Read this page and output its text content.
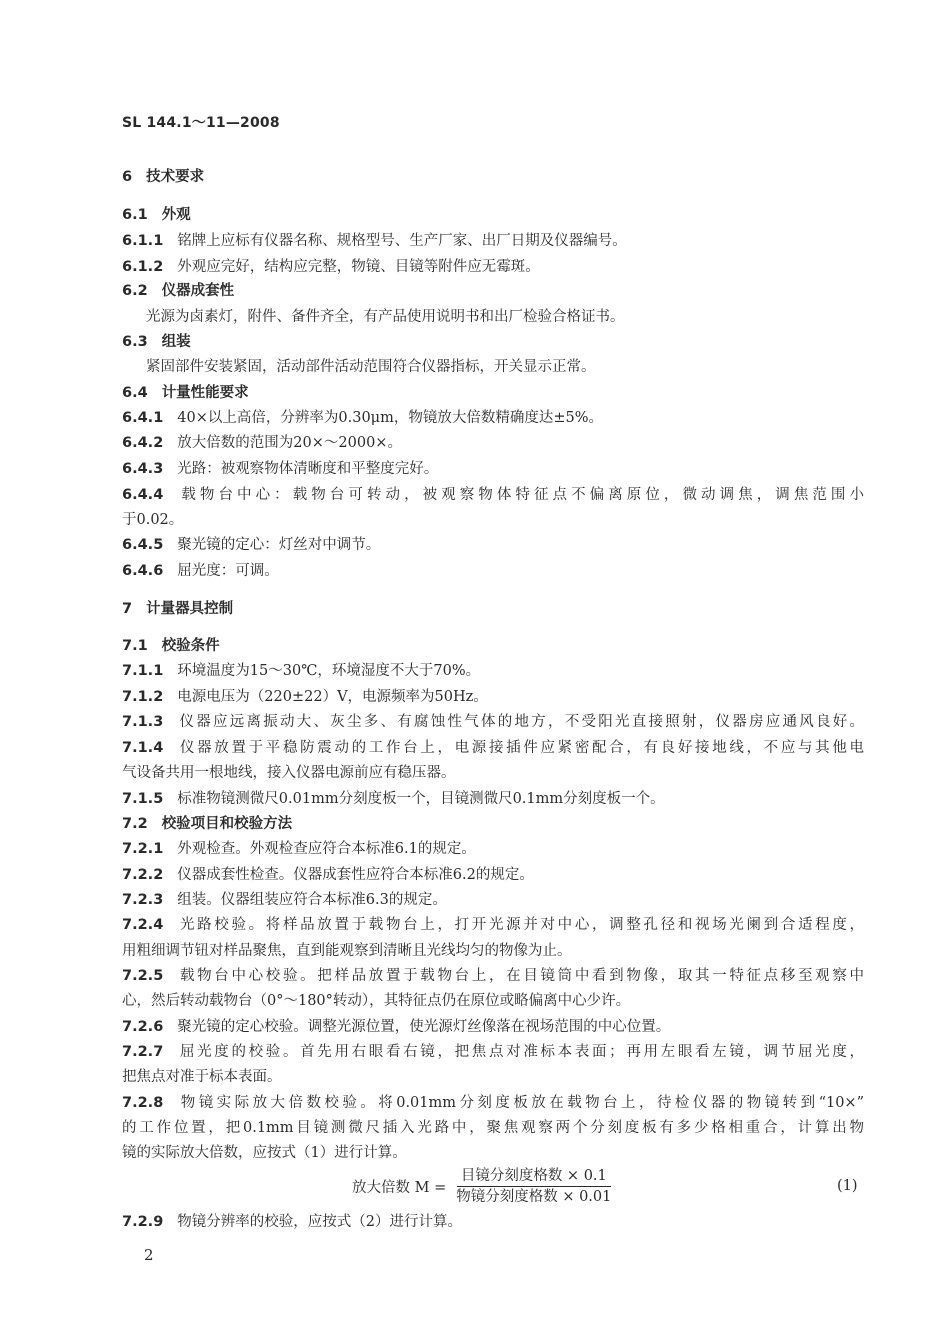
SL 144.1～11—2008
6 技术要求
6.1 外观
6.1.1 铭牌上应标有仪器名称、规格型号、生产厂家、出厂日期及仪器编号。
6.1.2 外观应完好，结构应完整，物镜、目镜等附件应无霉斑。
6.2 仪器成套性
光源为卤素灯，附件、备件齐全，有产品使用说明书和出厂检验合格证书。
6.3 组装
紧固部件安装紧固，活动部件活动范围符合仪器指标，开关显示正常。
6.4 计量性能要求
6.4.1 40×以上高倍，分辨率为0.30μm，物镜放大倍数精确度达±5%。
6.4.2 放大倍数的范围为20×～2000×。
6.4.3 光路：被观察物体清晰度和平整度完好。
6.4.4 载物台中心：载物台可转动，被观察物体特征点不偏离原位，微动调焦，调焦范围小
于0.02。
6.4.5 聚光镜的定心：灯丝对中调节。
6.4.6 屈光度：可调。
7 计量器具控制
7.1 校验条件
7.1.1 环境温度为15～30℃，环境湿度不大于70%。
7.1.2 电源电压为（220±22）V，电源频率为50Hz。
7.1.3 仪器应远离振动大、灰尘多、有腐蚀性气体的地方，不受阳光直接照射，仪器房应通风良好。
7.1.4 仪器放置于平稳防震动的工作台上，电源接插件应紧密配合，有良好接地线，不应与其他电
气设备共用一根地线，接入仪器电源前应有稳压器。
7.1.5 标准物镜测微尺0.01mm分刻度板一个，目镜测微尺0.1mm分刻度板一个。
7.2 校验项目和校验方法
7.2.1 外观检查。外观检查应符合本标准6.1的规定。
7.2.2 仪器成套性检查。仪器成套性应符合本标准6.2的规定。
7.2.3 组装。仪器组装应符合本标准6.3的规定。
7.2.4 光路校验。将样品放置于载物台上，打开光源并对中心，调整孔径和视场光阑到合适程度，
用粗细调节钮对样品聚焦，直到能观察到清晰且光线均匀的物像为止。
7.2.5 载物台中心校验。把样品放置于载物台上，在目镜筒中看到物像，取其一特征点移至观察中
心，然后转动载物台（0°～180°转动），其特征点仍在原位或略偏离中心少许。
7.2.6 聚光镜的定心校验。调整光源位置，使光源灯丝像落在视场范围的中心位置。
7.2.7 屈光度的校验。首先用右眼看右镜，把焦点对准标本表面；再用左眼看左镜，调节屈光度，
把焦点对准于标本表面。
7.2.8 物镜实际放大倍数校验。将0.01mm分刻度板放在载物台上，待检仪器的物镜转到“10×”
的工作位置，把0.1mm目镜测微尺插入光路中，聚焦观察两个分刻度板有多少格相重合，计算出物
镜的实际放大倍数，应按式（1）进行计算。
放大倍数 $M = \frac{\text{目镜分刻度格数 × 0.1}}{\text{物镜分刻度格数 × 0.01}}$	(1)
7.2.9 物镜分辨率的校验，应按式（2）进行计算。
2
